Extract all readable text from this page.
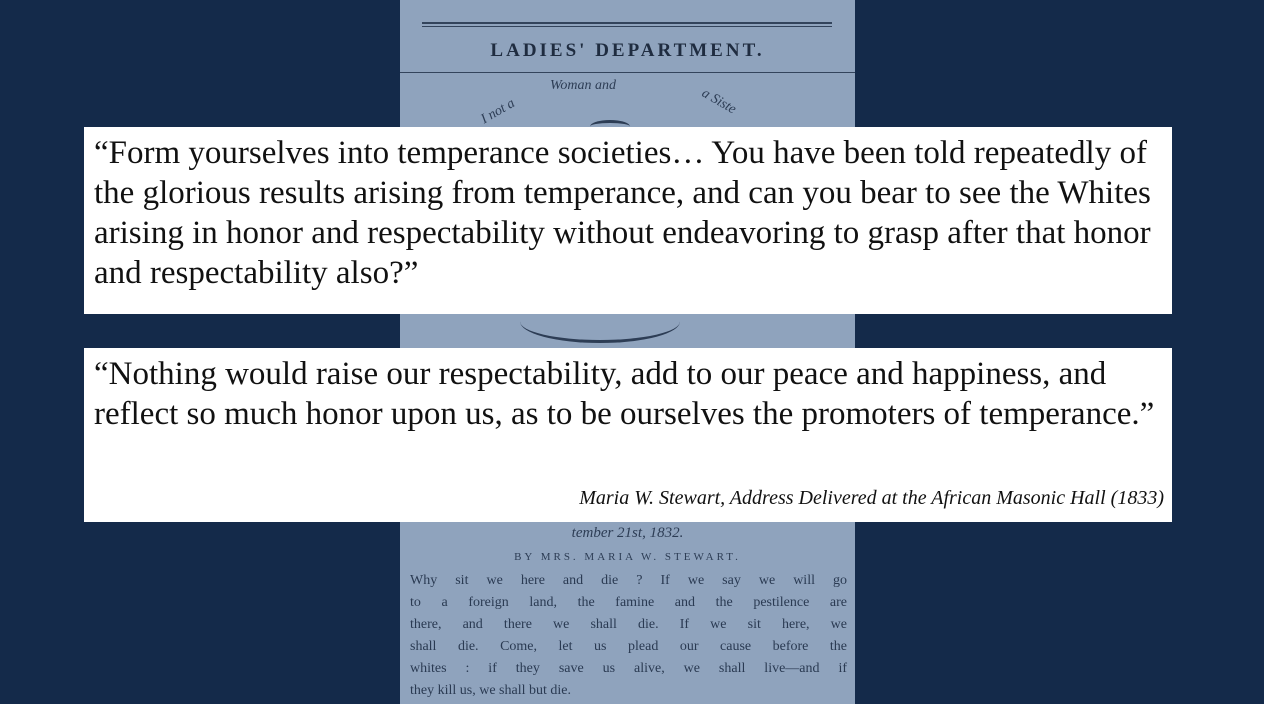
LADIES' DEPARTMENT.
I not a
Woman and
a Siste
tember 21st, 1832.
BY MRS. MARIA W. STEWART.
Why sit we here and die ? If we say we will go
to a foreign land, the famine and the pestilence are
there, and there we shall die. If we sit here, we
shall die. Come, let us plead our cause before the
whites : if they save us alive, we shall live—and if
they kill us, we shall but die.

“Form yourselves into temperance societies… You have been told repeatedly of the glorious results arising from temperance, and can you bear to see the Whites arising in honor and respectability without endeavoring to grasp after that honor and respectability also?”

“Nothing would raise our respectability, add to our peace and happiness, and reflect so much honor upon us, as to be ourselves the promoters of temperance.”

Maria W. Stewart, Address Delivered at the African Masonic Hall (1833)
